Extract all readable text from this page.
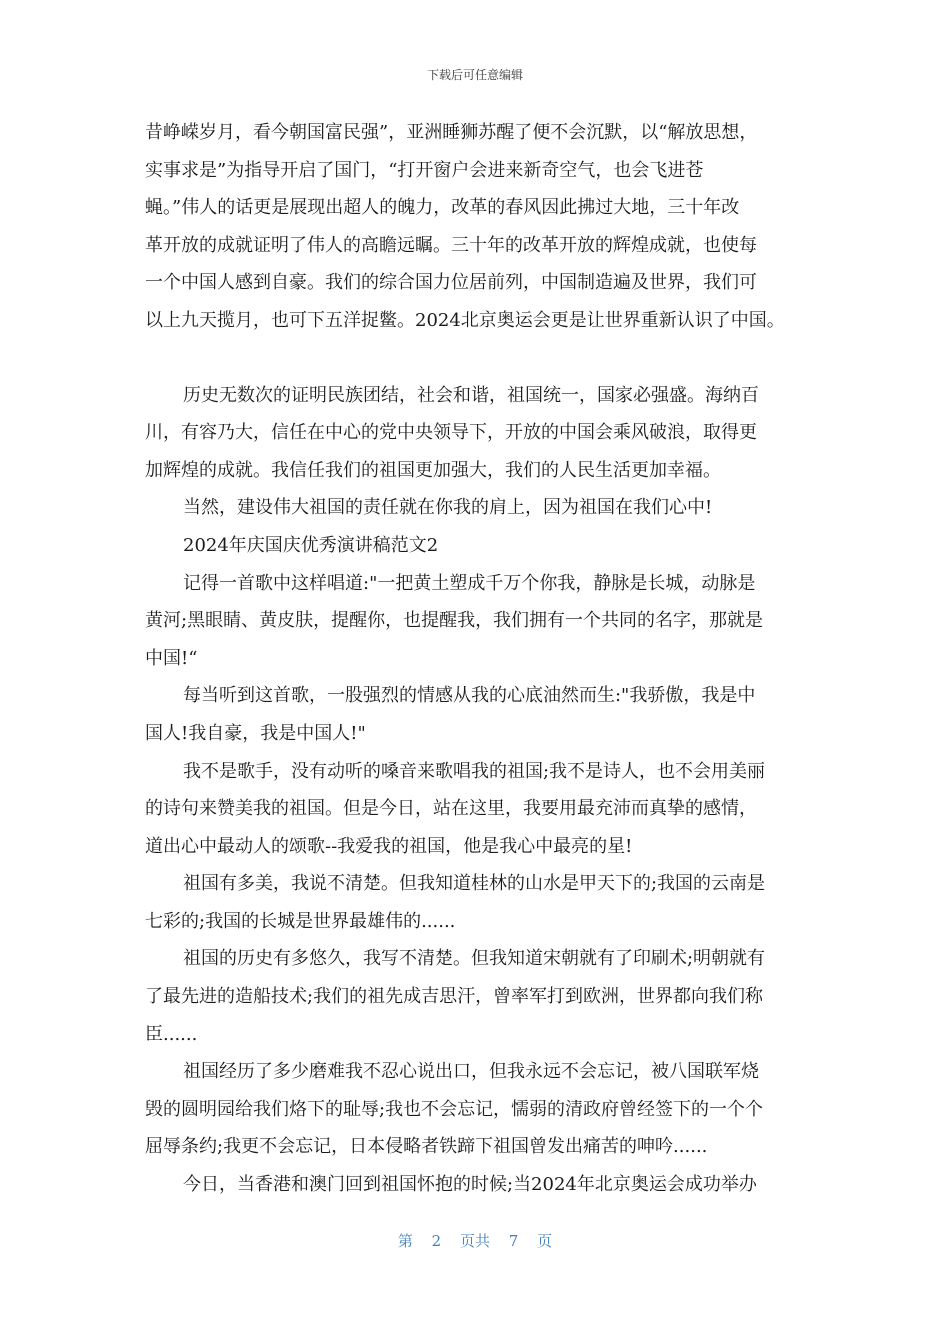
下载后可任意编辑
昔峥嵘岁月，看今朝国富民强”，亚洲睡狮苏醒了便不会沉默，以“解放思想，
实事求是”为指导开启了国门，“打开窗户会进来新奇空气，也会飞进苍
蝇。”伟人的话更是展现出超人的魄力，改革的春风因此拂过大地，三十年改
革开放的成就证明了伟人的高瞻远瞩。三十年的改革开放的辉煌成就，也使每
一个中国人感到自豪。我们的综合国力位居前列，中国制造遍及世界，我们可
以上九天揽月，也可下五洋捉鳖。2024北京奥运会更是让世界重新认识了中国。
历史无数次的证明民族团结，社会和谐，祖国统一，国家必强盛。海纳百
川，有容乃大，信任在中心的党中央领导下，开放的中国会乘风破浪，取得更
加辉煌的成就。我信任我们的祖国更加强大，我们的人民生活更加幸福。
当然，建设伟大祖国的责任就在你我的肩上，因为祖国在我们心中!
2024年庆国庆优秀演讲稿范文2
记得一首歌中这样唱道:"一把黄土塑成千万个你我，静脉是长城，动脉是
黄河;黑眼睛、黄皮肤，提醒你，也提醒我，我们拥有一个共同的名字，那就是
中国!“
每当听到这首歌，一股强烈的情感从我的心底油然而生:"我骄傲，我是中
国人!我自豪，我是中国人!"
我不是歌手，没有动听的嗓音来歌唱我的祖国;我不是诗人，也不会用美丽
的诗句来赞美我的祖国。但是今日，站在这里，我要用最充沛而真挚的感情，
道出心中最动人的颂歌--我爱我的祖国，他是我心中最亮的星!
祖国有多美，我说不清楚。但我知道桂林的山水是甲天下的;我国的云南是
七彩的;我国的长城是世界最雄伟的......
祖国的历史有多悠久，我写不清楚。但我知道宋朝就有了印刷术;明朝就有
了最先进的造船技术;我们的祖先成吉思汗，曾率军打到欧洲，世界都向我们称
臣......
祖国经历了多少磨难我不忍心说出口，但我永远不会忘记，被八国联军烧
毁的圆明园给我们烙下的耻辱;我也不会忘记，懦弱的清政府曾经签下的一个个
屈辱条约;我更不会忘记，日本侵略者铁蹄下祖国曾发出痛苦的呻吟......
今日，当香港和澳门回到祖国怀抱的时候;当2024年北京奥运会成功举办
第 2 页共 7 页
